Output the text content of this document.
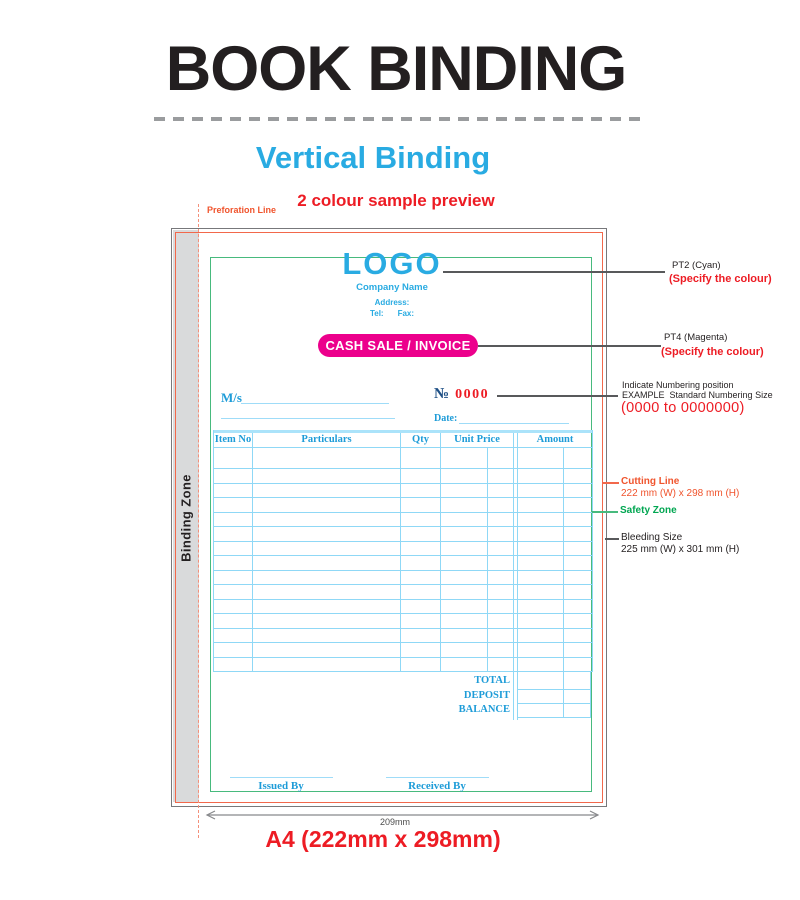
BOOK BINDING
Vertical Binding
2 colour sample preview
Preforation Line
Binding Zone
LOGO
Company Name
Address:
Tel: Fax:
CASH SALE / INVOICE
M/s	№ 0000
Date:
Item No	Particulars	Qty	Unit Price	Amount
TOTAL
DEPOSIT
BALANCE
Issued By	Received By
PT2 (Cyan)
(Specify the colour)
PT4 (Magenta)
(Specify the colour)
Indicate Numbering position
EXAMPLE  Standard Numbering Size
(0000 to 0000000)
Cutting Line
222 mm (W) x 298 mm (H)
Safety Zone
Bleeding Size
225 mm (W) x 301 mm (H)
209mm
A4 (222mm x 298mm)
